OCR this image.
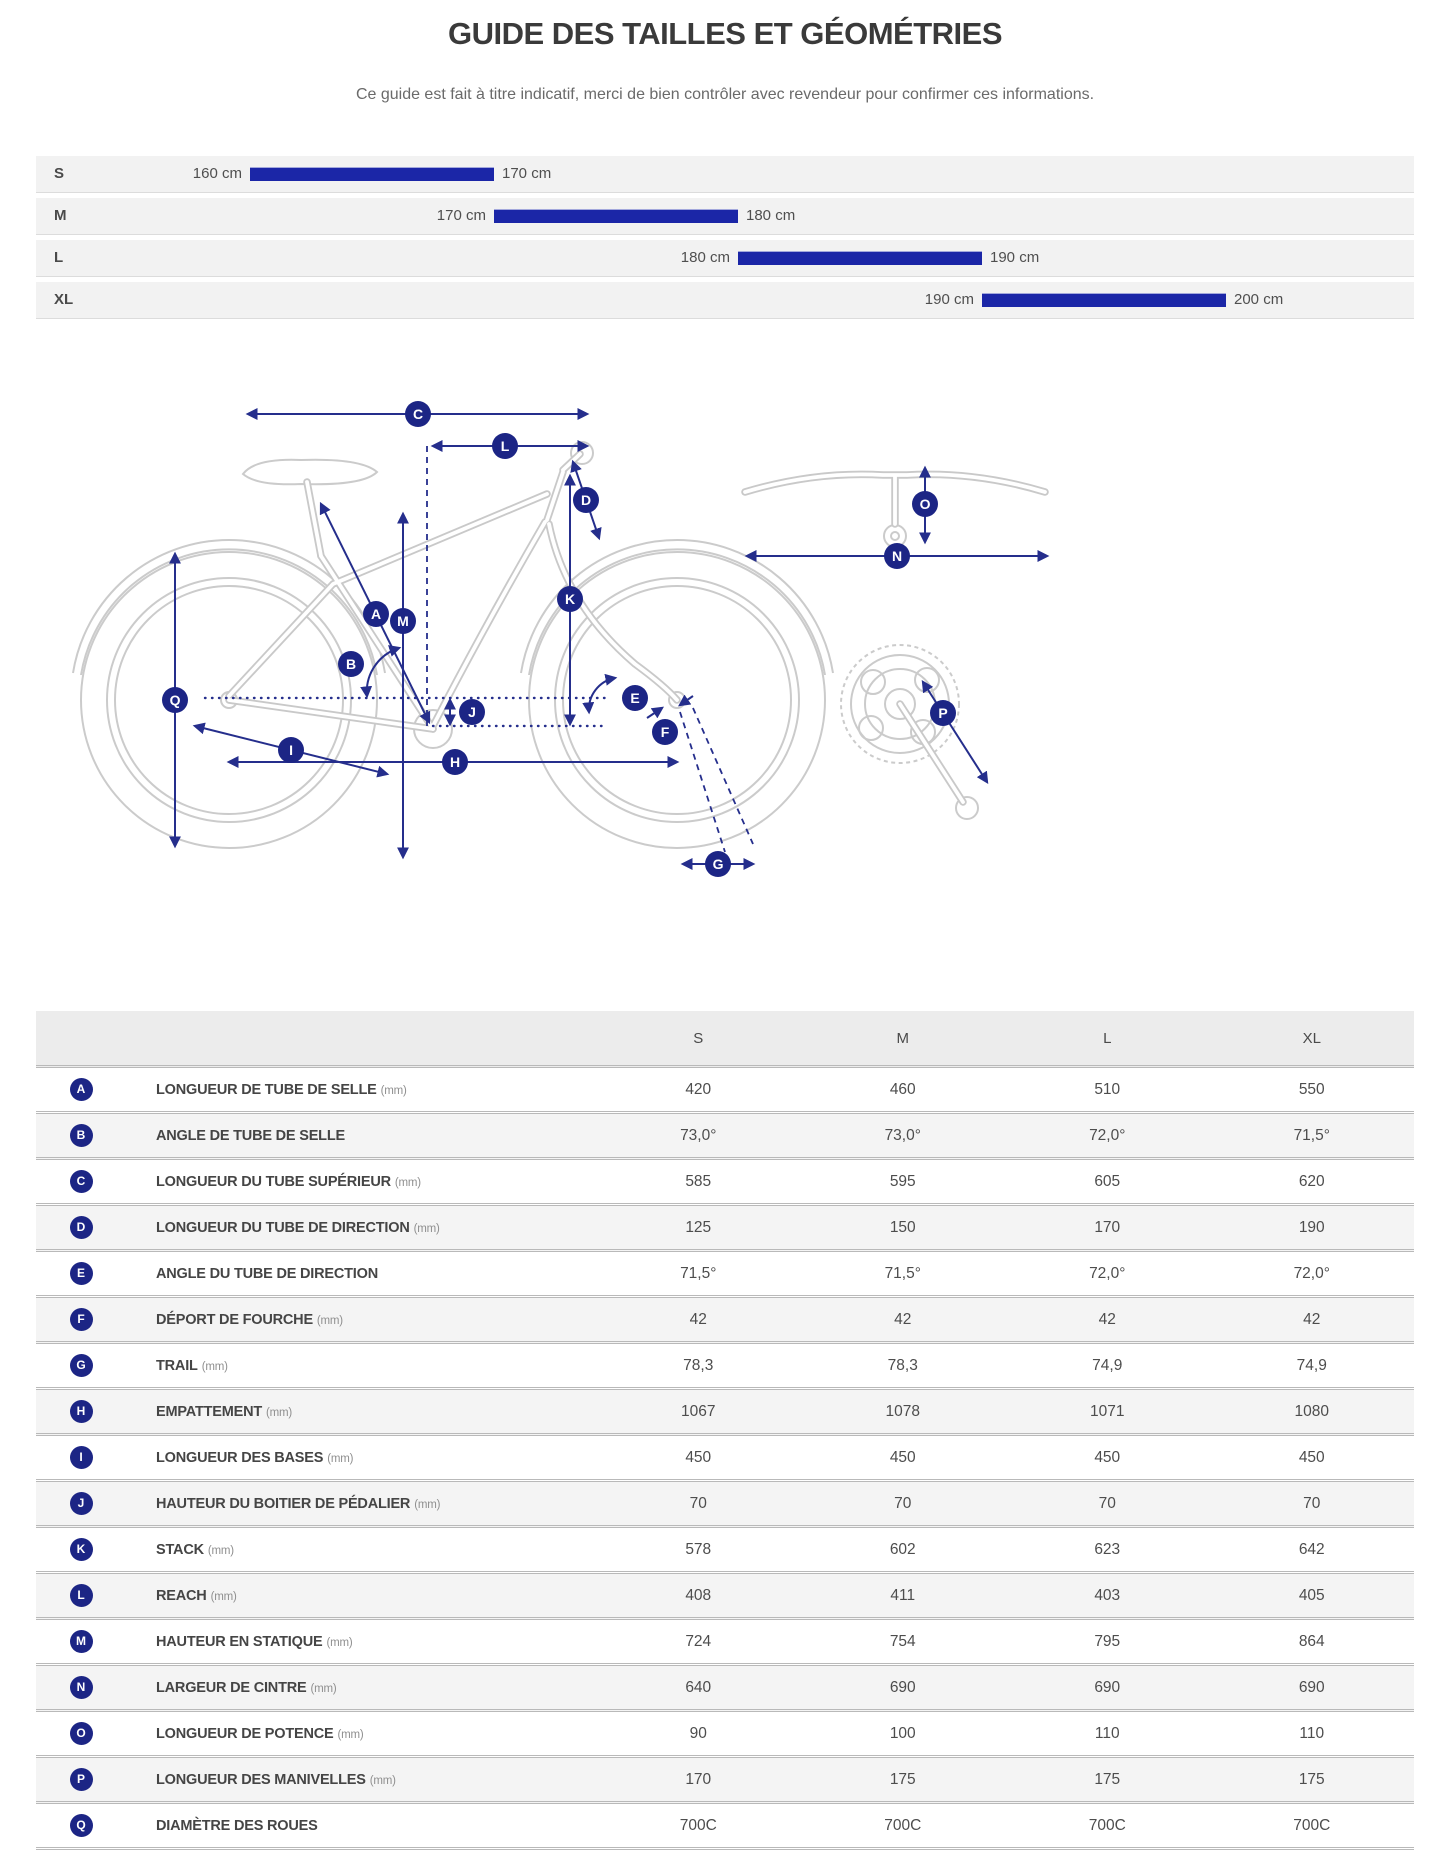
GUIDE DES TAILLES ET GÉOMÉTRIES
Ce guide est fait à titre indicatif, merci de bien contrôler avec revendeur pour confirmer ces informations.
S	160 cm	170 cm
M	170 cm	180 cm
L	180 cm	190 cm
XL	190 cm	200 cm
A
B
C
D
E
F
G
H
I
J
K
L
M
N
O
P
Q
		S	M	L	XL
A	LONGUEUR DE TUBE DE SELLE (mm)	420	460	510	550
B	ANGLE DE TUBE DE SELLE	73,0°	73,0°	72,0°	71,5°
C	LONGUEUR DU TUBE SUPÉRIEUR (mm)	585	595	605	620
D	LONGUEUR DU TUBE DE DIRECTION (mm)	125	150	170	190
E	ANGLE DU TUBE DE DIRECTION	71,5°	71,5°	72,0°	72,0°
F	DÉPORT DE FOURCHE (mm)	42	42	42	42
G	TRAIL (mm)	78,3	78,3	74,9	74,9
H	EMPATTEMENT (mm)	1067	1078	1071	1080
I	LONGUEUR DES BASES (mm)	450	450	450	450
J	HAUTEUR DU BOITIER DE PÉDALIER (mm)	70	70	70	70
K	STACK (mm)	578	602	623	642
L	REACH (mm)	408	411	403	405
M	HAUTEUR EN STATIQUE (mm)	724	754	795	864
N	LARGEUR DE CINTRE (mm)	640	690	690	690
O	LONGUEUR DE POTENCE (mm)	90	100	110	110
P	LONGUEUR DES MANIVELLES (mm)	170	175	175	175
Q	DIAMÈTRE DES ROUES	700C	700C	700C	700C
